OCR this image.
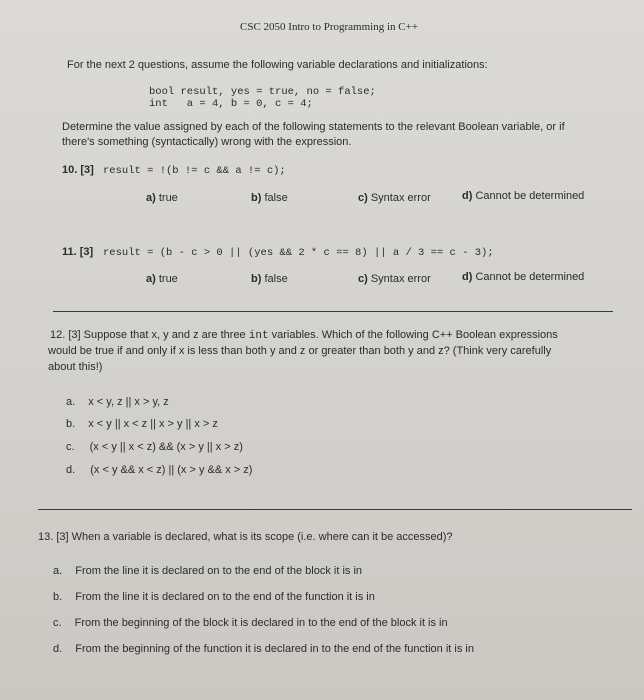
CSC 2050 Intro to Programming in C++
For the next 2 questions, assume the following variable declarations and initializations:
bool result, yes = true, no = false;
int   a = 4, b = 0, c = 4;
Determine the value assigned by each of the following statements to the relevant Boolean variable, or if
there's something (syntactically) wrong with the expression.
10. [3] result = !(b != c && a != c);
a) true	b) false	c) Syntax error	d) Cannot be determined
11. [3] result = (b - c > 0 || (yes && 2 * c == 8) || a / 3 == c - 3);
a) true	b) false	c) Syntax error	d) Cannot be determined
12. [3] Suppose that x, y and z are three int variables. Which of the following C++ Boolean expressions
would be true if and only if x is less than both y and z or greater than both y and z? (Think very carefully
about this!)
a. x < y, z || x > y, z
b. x < y || x < z || x > y || x > z
c. (x < y || x < z) && (x > y || x > z)
d. (x < y && x < z) || (x > y && x > z)
13. [3] When a variable is declared, what is its scope (i.e. where can it be accessed)?
a. From the line it is declared on to the end of the block it is in
b. From the line it is declared on to the end of the function it is in
c. From the beginning of the block it is declared in to the end of the block it is in
d. From the beginning of the function it is declared in to the end of the function it is in
